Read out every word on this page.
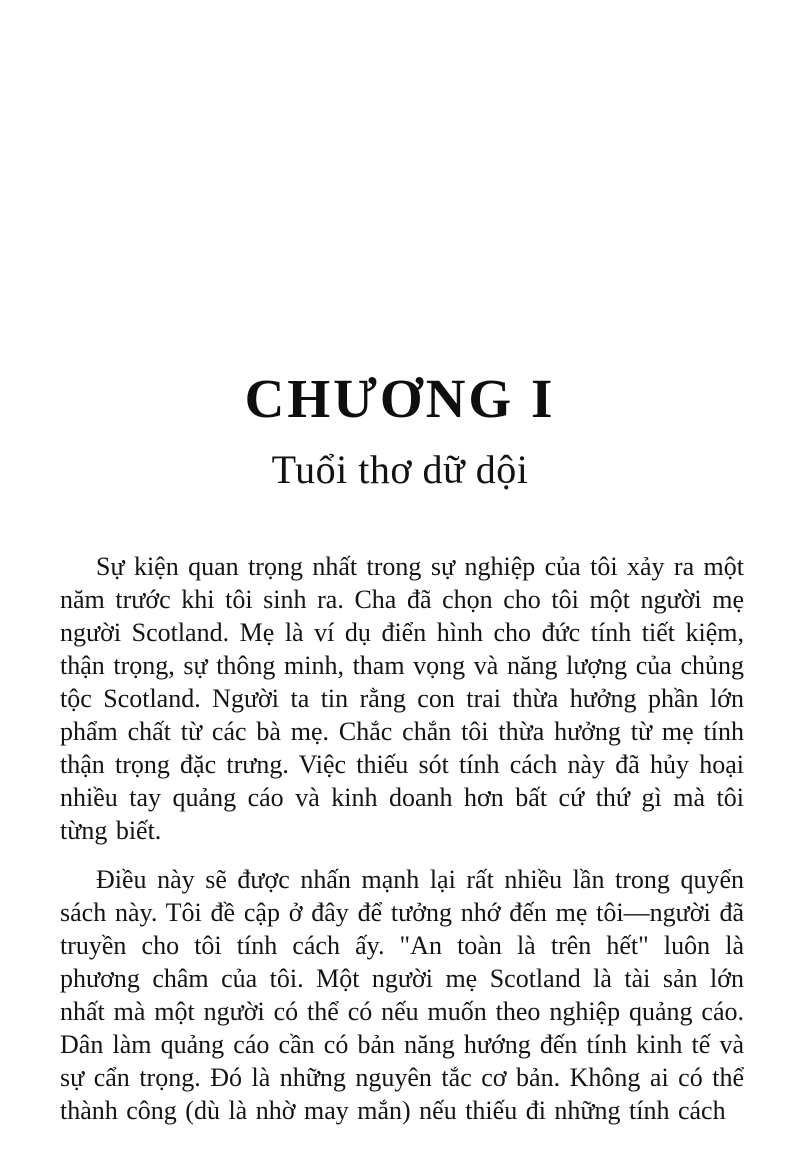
CHƯƠNG I
Tuổi thơ dữ dội

Sự kiện quan trọng nhất trong sự nghiệp của tôi xảy ra một năm trước khi tôi sinh ra. Cha đã chọn cho tôi một người mẹ người Scotland. Mẹ là ví dụ điển hình cho đức tính tiết kiệm, thận trọng, sự thông minh, tham vọng và năng lượng của chủng tộc Scotland. Người ta tin rằng con trai thừa hưởng phần lớn phẩm chất từ các bà mẹ. Chắc chắn tôi thừa hưởng từ mẹ tính thận trọng đặc trưng. Việc thiếu sót tính cách này đã hủy hoại nhiều tay quảng cáo và kinh doanh hơn bất cứ thứ gì mà tôi từng biết.

Điều này sẽ được nhấn mạnh lại rất nhiều lần trong quyển sách này. Tôi đề cập ở đây để tưởng nhớ đến mẹ tôi—người đã truyền cho tôi tính cách ấy. "An toàn là trên hết" luôn là phương châm của tôi. Một người mẹ Scotland là tài sản lớn nhất mà một người có thể có nếu muốn theo nghiệp quảng cáo. Dân làm quảng cáo cần có bản năng hướng đến tính kinh tế và sự cẩn trọng. Đó là những nguyên tắc cơ bản. Không ai có thể thành công (dù là nhờ may mắn) nếu thiếu đi những tính cách
